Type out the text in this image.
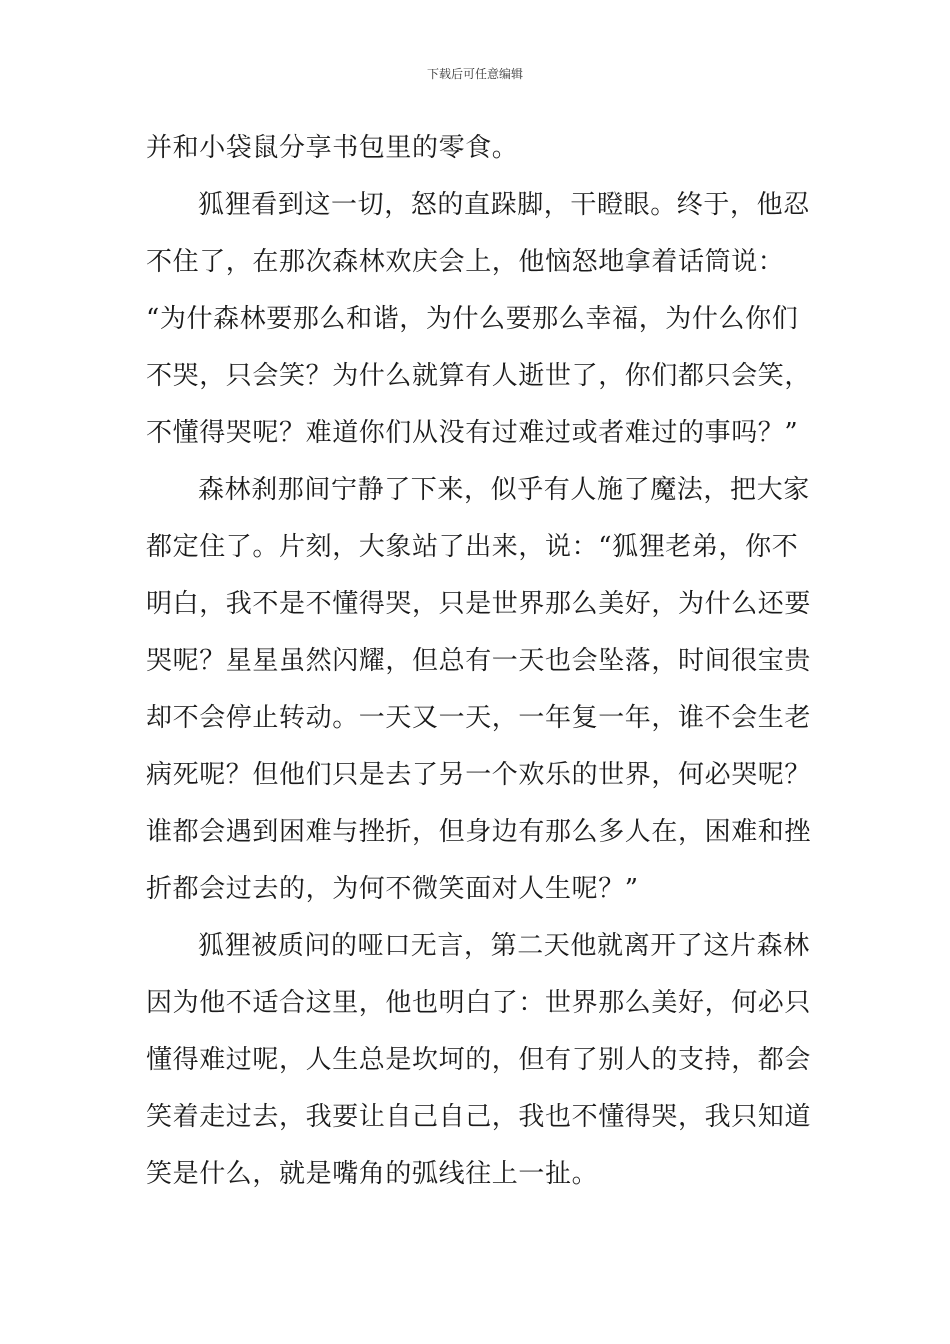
下载后可任意编辑
并和小袋鼠分享书包里的零食。
狐狸看到这一切，怒的直跺脚，干瞪眼。终于，他忍
不住了，在那次森林欢庆会上，他恼怒地拿着话筒说：
“为什森林要那么和谐，为什么要那么幸福，为什么你们
不哭，只会笑？为什么就算有人逝世了，你们都只会笑，
不懂得哭呢？难道你们从没有过难过或者难过的事吗？”
森林刹那间宁静了下来，似乎有人施了魔法，把大家
都定住了。片刻，大象站了出来，说：“狐狸老弟，你不
明白，我不是不懂得哭，只是世界那么美好，为什么还要
哭呢？星星虽然闪耀，但总有一天也会坠落，时间很宝贵
却不会停止转动。一天又一天，一年复一年，谁不会生老
病死呢？但他们只是去了另一个欢乐的世界，何必哭呢？
谁都会遇到困难与挫折，但身边有那么多人在，困难和挫
折都会过去的，为何不微笑面对人生呢？”
狐狸被质问的哑口无言，第二天他就离开了这片森林
因为他不适合这里，他也明白了：世界那么美好，何必只
懂得难过呢，人生总是坎坷的，但有了别人的支持，都会
笑着走过去，我要让自己自己，我也不懂得哭，我只知道
笑是什么，就是嘴角的弧线往上一扯。
